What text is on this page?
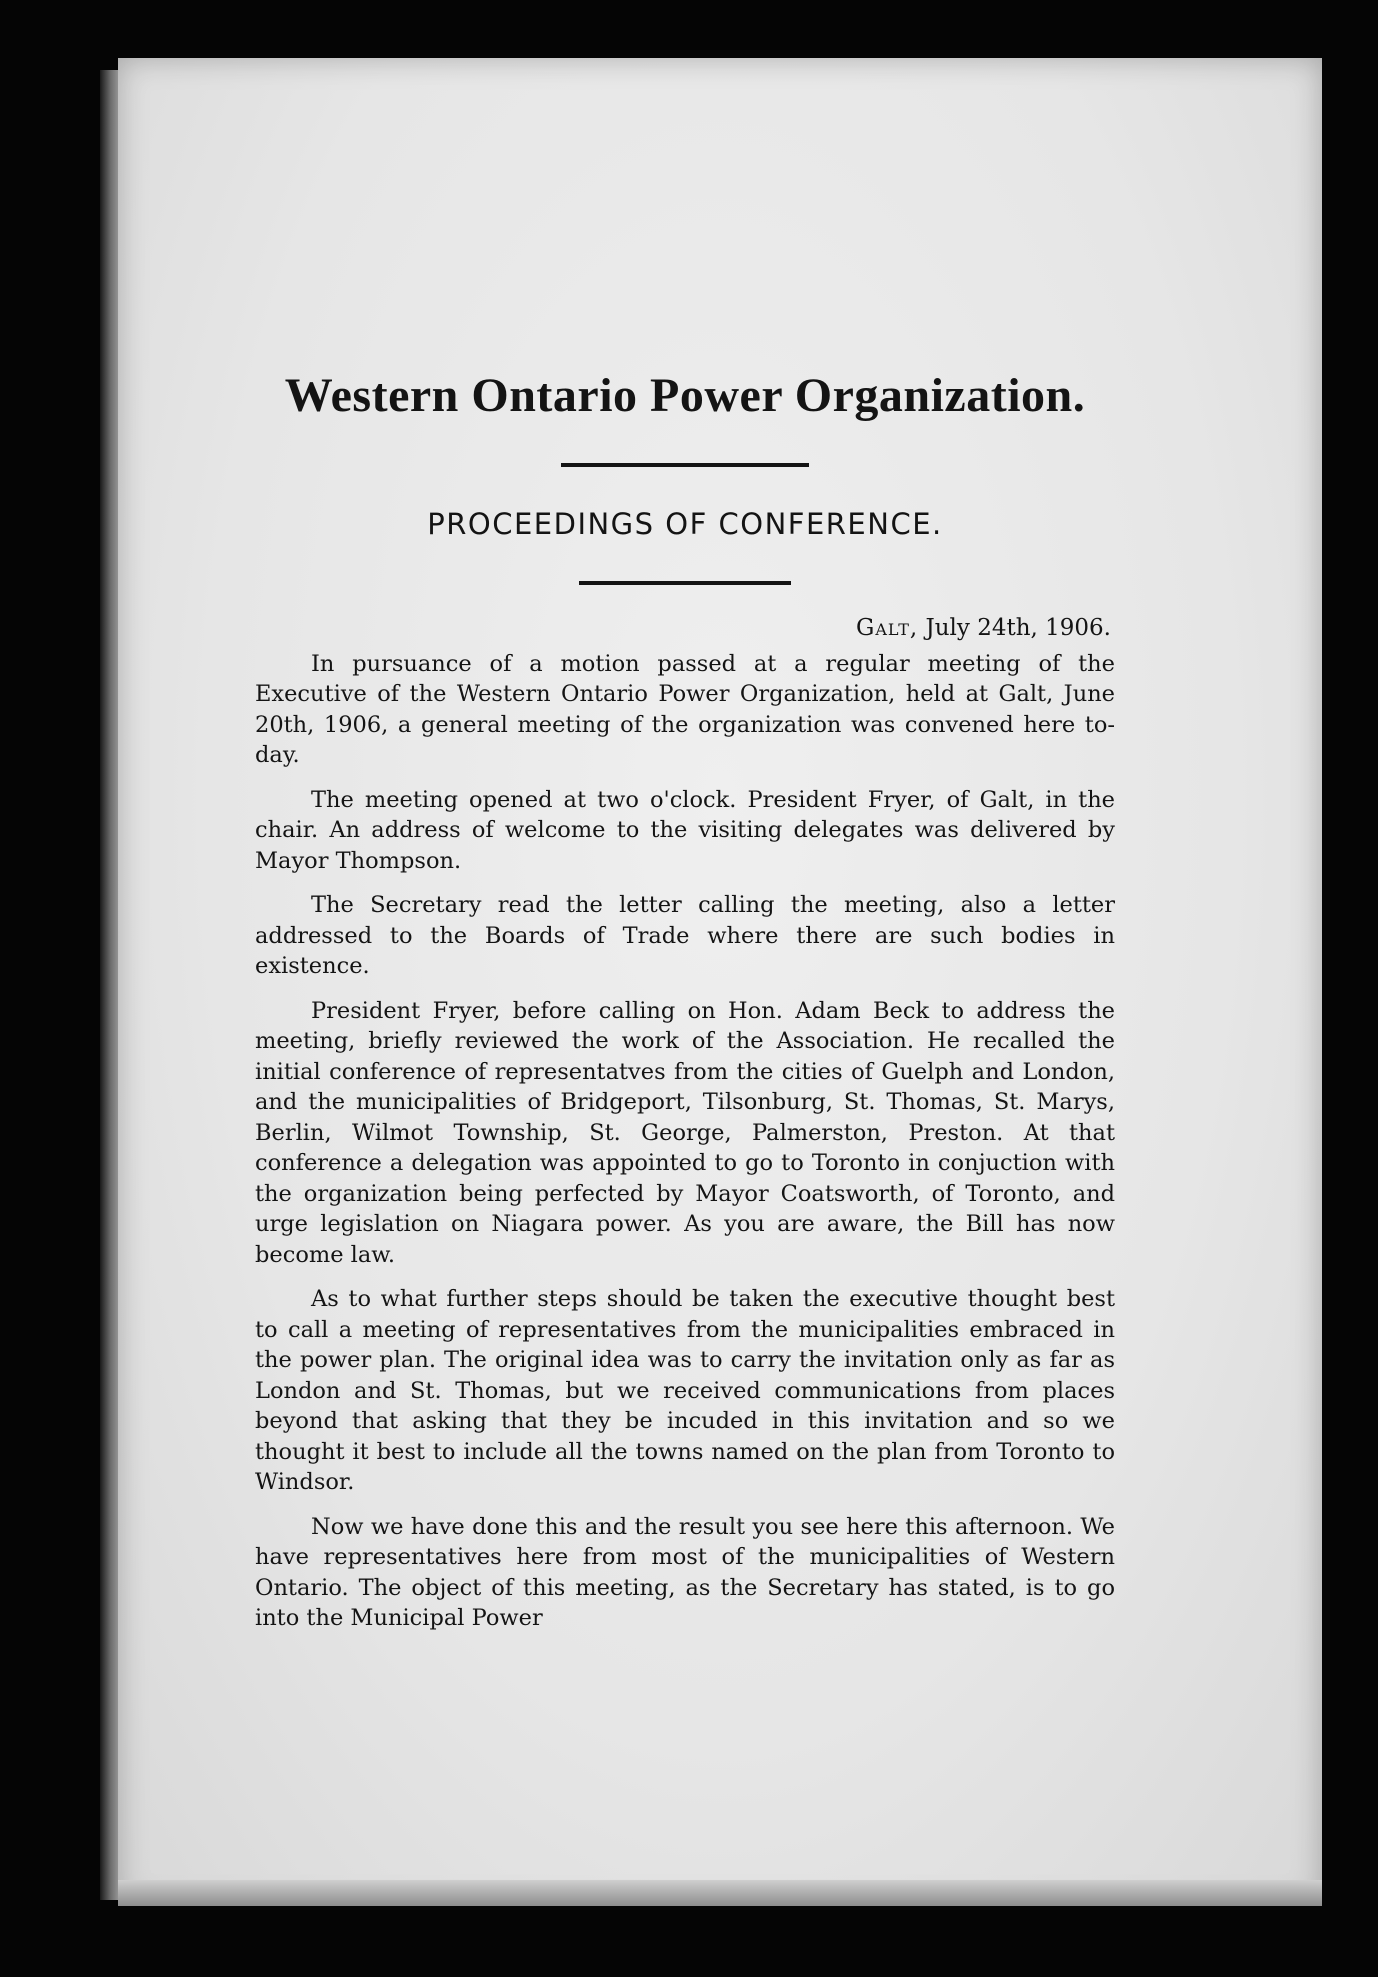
Western Ontario Power Organization.
PROCEEDINGS OF CONFERENCE.
Galt, July 24th, 1906.

In pursuance of a motion passed at a regular meeting of the Executive of the Western Ontario Power Organization, held at Galt, June 20th, 1906, a general meeting of the organization was convened here to-day.

The meeting opened at two o'clock. President Fryer, of Galt, in the chair. An address of welcome to the visiting delegates was delivered by Mayor Thompson.

The Secretary read the letter calling the meeting, also a letter addressed to the Boards of Trade where there are such bodies in existence.

President Fryer, before calling on Hon. Adam Beck to address the meeting, briefly reviewed the work of the Association. He recalled the initial conference of representatves from the cities of Guelph and London, and the municipalities of Bridgeport, Tilsonburg, St. Thomas, St. Marys, Berlin, Wilmot Township, St. George, Palmerston, Preston. At that conference a delegation was appointed to go to Toronto in conjuction with the organization being perfected by Mayor Coatsworth, of Toronto, and urge legislation on Niagara power. As you are aware, the Bill has now become law.

As to what further steps should be taken the executive thought best to call a meeting of representatives from the municipalities embraced in the power plan. The original idea was to carry the invitation only as far as London and St. Thomas, but we received communications from places beyond that asking that they be incuded in this invitation and so we thought it best to include all the towns named on the plan from Toronto to Windsor.

Now we have done this and the result you see here this afternoon. We have representatives here from most of the municipalities of Western Ontario. The object of this meeting, as the Secretary has stated, is to go into the Municipal Power
